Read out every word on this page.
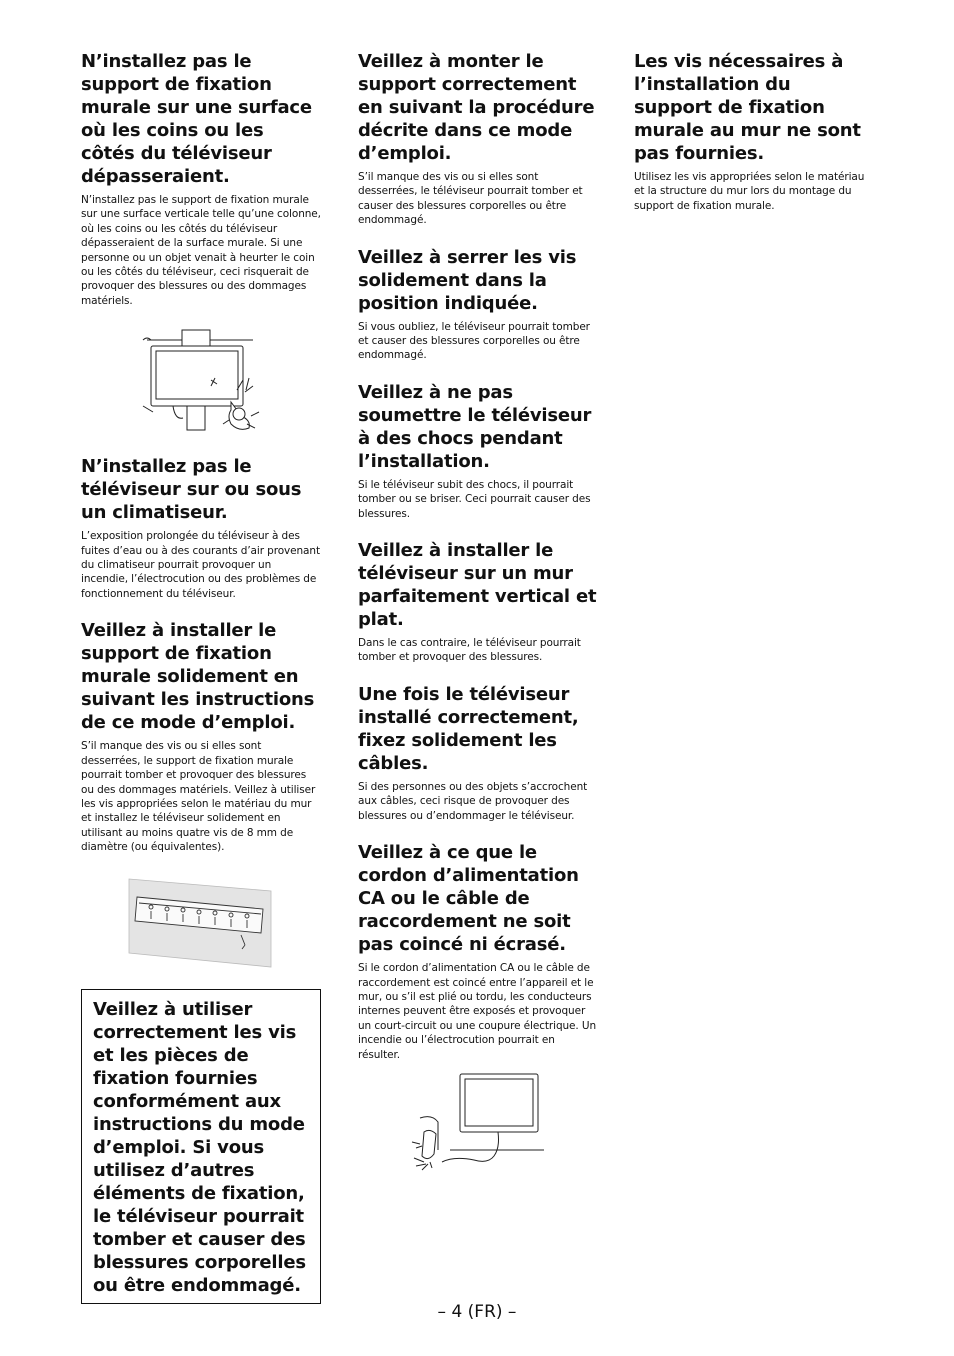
N’installez pas le support de fixation murale sur une surface où les coins ou les côtés du téléviseur dépasseraient.

N’installez pas le support de fixation murale sur une surface verticale telle qu’une colonne, où les coins ou les côtés du téléviseur dépasseraient de la surface murale. Si une personne ou un objet venait à heurter le coin ou les côtés du téléviseur, ceci risquerait de provoquer des blessures ou des dommages matériels.

N’installez pas le téléviseur sur ou sous un climatiseur.

L’exposition prolongée du téléviseur à des fuites d’eau ou à des courants d’air provenant du climatiseur pourrait provoquer un incendie, l’électrocution ou des problèmes de fonctionnement du téléviseur.

Veillez à installer le support de fixation murale solidement en suivant les instructions de ce mode d’emploi.

S’il manque des vis ou si elles sont desserrées, le support de fixation murale pourrait tomber et provoquer des blessures ou des dommages matériels. Veillez à utiliser les vis appropriées selon le matériau du mur et installez le téléviseur solidement en utilisant au moins quatre vis de 8 mm de diamètre (ou équivalentes).

Veillez à utiliser correctement les vis et les pièces de fixation fournies conformément aux instructions du mode d’emploi. Si vous utilisez d’autres éléments de fixation, le téléviseur pourrait tomber et causer des blessures corporelles ou être endommagé.
Veillez à monter le support correctement en suivant la procédure décrite dans ce mode d’emploi.

S’il manque des vis ou si elles sont desserrées, le téléviseur pourrait tomber et causer des blessures corporelles ou être endommagé.

Veillez à serrer les vis solidement dans la position indiquée.

Si vous oubliez, le téléviseur pourrait tomber et causer des blessures corporelles ou être endommagé.

Veillez à ne pas soumettre le téléviseur à des chocs pendant l’installation.

Si le téléviseur subit des chocs, il pourrait tomber ou se briser. Ceci pourrait causer des blessures.

Veillez à installer le téléviseur sur un mur parfaitement vertical et plat.

Dans le cas contraire, le téléviseur pourrait tomber et provoquer des blessures.

Une fois le téléviseur installé correctement, fixez solidement les câbles.

Si des personnes ou des objets s’accrochent aux câbles, ceci risque de provoquer des blessures ou d’endommager le téléviseur.

Veillez à ce que le cordon d’alimentation CA ou le câble de raccordement ne soit pas coincé ni écrasé.

Si le cordon d’alimentation CA ou le câble de raccordement est coincé entre l’appareil et le mur, ou s’il est plié ou tordu, les conducteurs internes peuvent être exposés et provoquer un court-circuit ou une coupure électrique. Un incendie ou l’électrocution pourrait en résulter.

Les vis nécessaires à l’installation du support de fixation murale au mur ne sont pas fournies.

Utilisez les vis appropriées selon le matériau et la structure du mur lors du montage du support de fixation murale.

– 4 (FR) –
